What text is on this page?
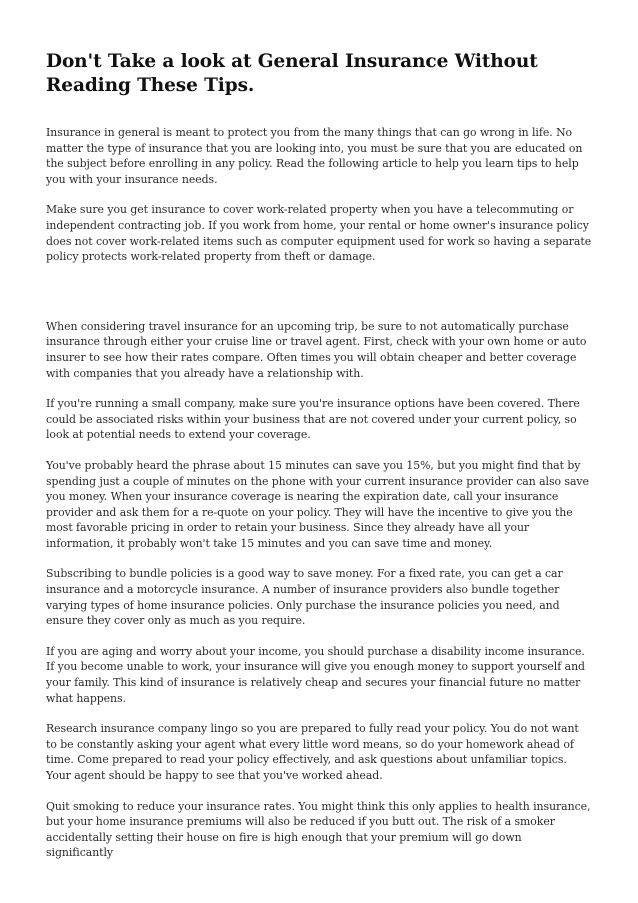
Don't Take a look at General Insurance Without Reading These Tips.

Insurance in general is meant to protect you from the many things that can go wrong in life. No matter the type of insurance that you are looking into, you must be sure that you are educated on the subject before enrolling in any policy. Read the following article to help you learn tips to help you with your insurance needs.

Make sure you get insurance to cover work-related property when you have a telecommuting or independent contracting job. If you work from home, your rental or home owner's insurance policy does not cover work-related items such as computer equipment used for work so having a separate policy protects work-related property from theft or damage.

When considering travel insurance for an upcoming trip, be sure to not automatically purchase insurance through either your cruise line or travel agent. First, check with your own home or auto insurer to see how their rates compare. Often times you will obtain cheaper and better coverage with companies that you already have a relationship with.

If you're running a small company, make sure you're insurance options have been covered. There could be associated risks within your business that are not covered under your current policy, so look at potential needs to extend your coverage.

You've probably heard the phrase about 15 minutes can save you 15%, but you might find that by spending just a couple of minutes on the phone with your current insurance provider can also save you money. When your insurance coverage is nearing the expiration date, call your insurance provider and ask them for a re-quote on your policy. They will have the incentive to give you the most favorable pricing in order to retain your business. Since they already have all your information, it probably won't take 15 minutes and you can save time and money.

Subscribing to bundle policies is a good way to save money. For a fixed rate, you can get a car insurance and a motorcycle insurance. A number of insurance providers also bundle together varying types of home insurance policies. Only purchase the insurance policies you need, and ensure they cover only as much as you require.

If you are aging and worry about your income, you should purchase a disability income insurance. If you become unable to work, your insurance will give you enough money to support yourself and your family. This kind of insurance is relatively cheap and secures your financial future no matter what happens.

Research insurance company lingo so you are prepared to fully read your policy. You do not want to be constantly asking your agent what every little word means, so do your homework ahead of time. Come prepared to read your policy effectively, and ask questions about unfamiliar topics. Your agent should be happy to see that you've worked ahead.

Quit smoking to reduce your insurance rates. You might think this only applies to health insurance, but your home insurance premiums will also be reduced if you butt out. The risk of a smoker accidentally setting their house on fire is high enough that your premium will go down significantly
